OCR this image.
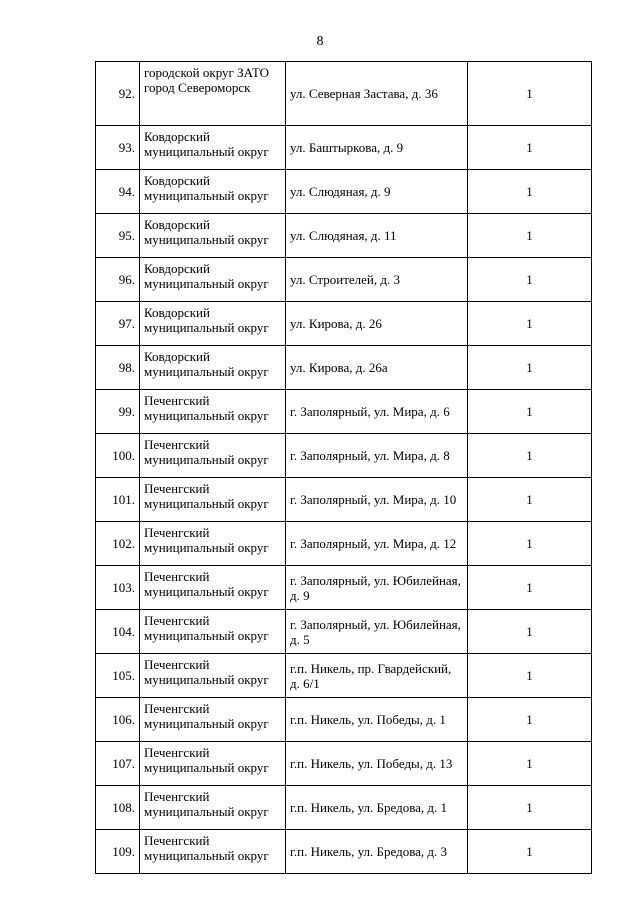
8
92.	городской округ ЗАТО город Североморск	ул. Северная Застава, д. 36	1
93.	Ковдорский муниципальный округ	ул. Баштыркова, д. 9	1
94.	Ковдорский муниципальный округ	ул. Слюдяная, д. 9	1
95.	Ковдорский муниципальный округ	ул. Слюдяная, д. 11	1
96.	Ковдорский муниципальный округ	ул. Строителей, д. 3	1
97.	Ковдорский муниципальный округ	ул. Кирова, д. 26	1
98.	Ковдорский муниципальный округ	ул. Кирова, д. 26а	1
99.	Печенгский муниципальный округ	г. Заполярный, ул. Мира, д. 6	1
100.	Печенгский муниципальный округ	г. Заполярный, ул. Мира, д. 8	1
101.	Печенгский муниципальный округ	г. Заполярный, ул. Мира, д. 10	1
102.	Печенгский муниципальный округ	г. Заполярный, ул. Мира, д. 12	1
103.	Печенгский муниципальный округ	г. Заполярный, ул. Юбилейная, д. 9	1
104.	Печенгский муниципальный округ	г. Заполярный, ул. Юбилейная, д. 5	1
105.	Печенгский муниципальный округ	г.п. Никель, пр. Гвардейский, д. 6/1	1
106.	Печенгский муниципальный округ	г.п. Никель, ул. Победы, д. 1	1
107.	Печенгский муниципальный округ	г.п. Никель, ул. Победы, д. 13	1
108.	Печенгский муниципальный округ	г.п. Никель, ул. Бредова, д. 1	1
109.	Печенгский муниципальный округ	г.п. Никель, ул. Бредова, д. 3	1
